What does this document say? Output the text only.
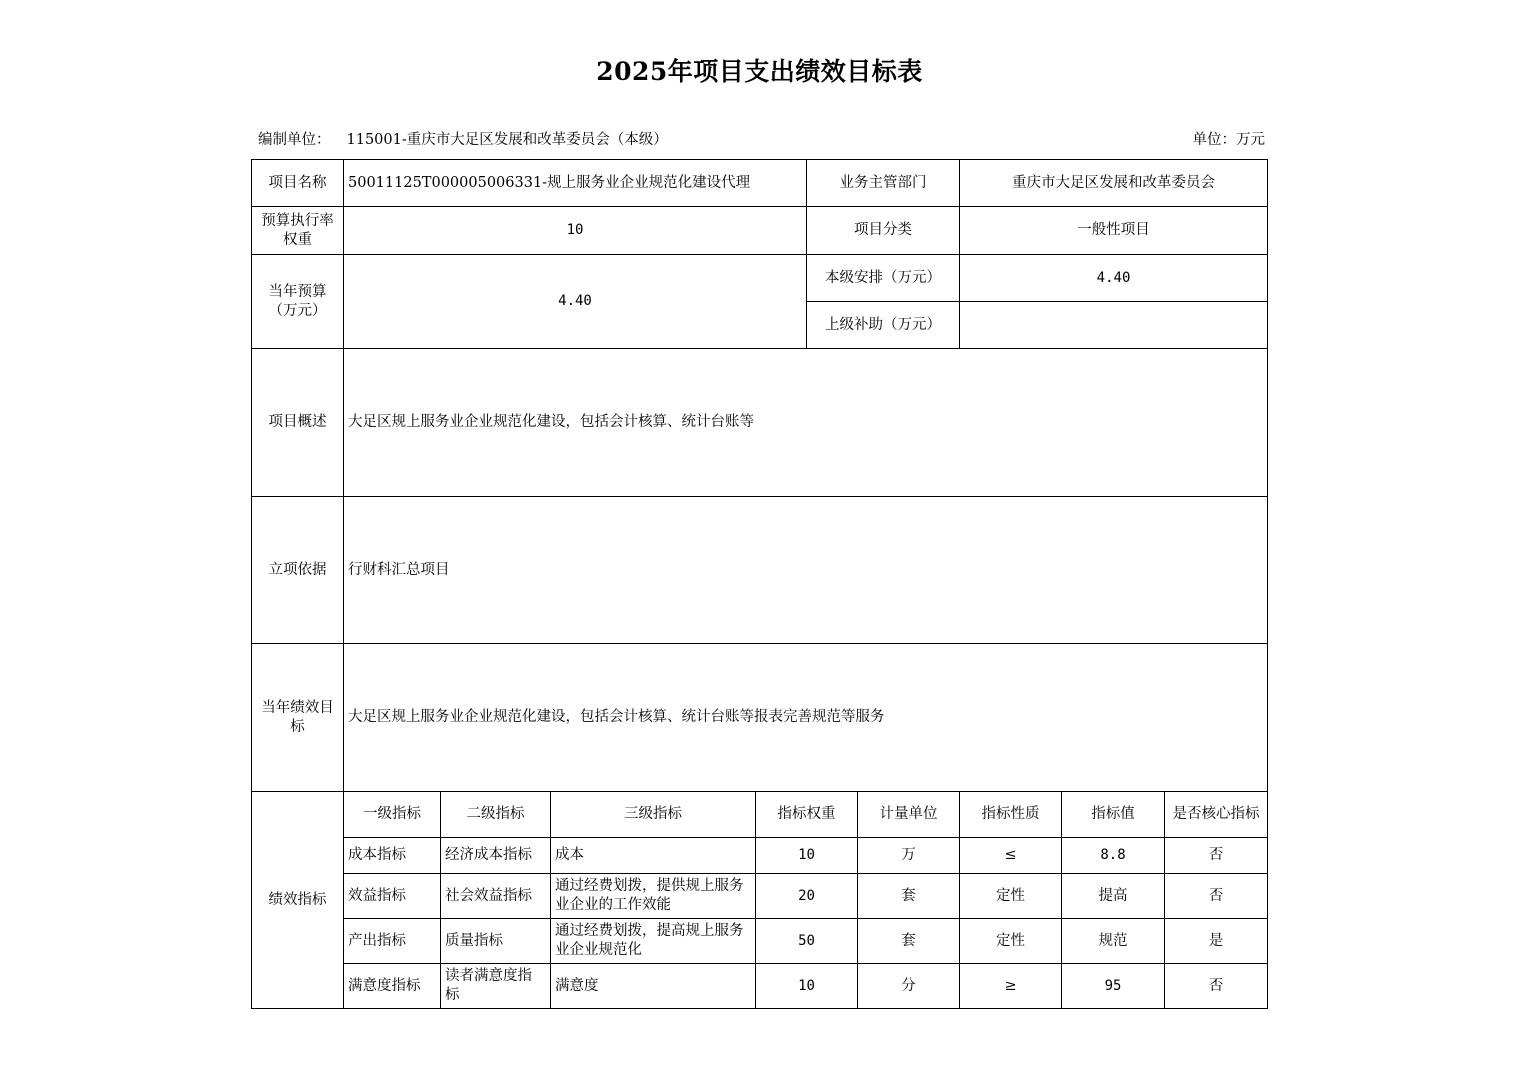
2025年项目支出绩效目标表
编制单位： 115001-重庆市大足区发展和改革委员会（本级）	单位：万元
项目名称	50011125T000005006331-规上服务业企业规范化建设代理				业务主管部门		重庆市大足区发展和改革委员会		
预算执行率权重	10				项目分类		一般性项目		
当年预算（万元）	4.40				本级安排（万元）		4.40		
					上级补助（万元）				
项目概述	大足区规上服务业企业规范化建设，包括会计核算、统计台账等								
立项依据	行财科汇总项目								
当年绩效目标	大足区规上服务业企业规范化建设，包括会计核算、统计台账等报表完善规范等服务								
绩效指标	一级指标	二级指标	三级指标	指标权重		计量单位	指标性质	指标值	是否核心指标
	成本指标	经济成本指标	成本	10		万	≤	8.8	否
	效益指标	社会效益指标	通过经费划拨，提供规上服务业企业的工作效能	20		套	定性	提高	否
	产出指标	质量指标	通过经费划拨，提高规上服务业企业规范化	50		套	定性	规范	是
	满意度指标	读者满意度指标	满意度	10		分	≥	95	否
